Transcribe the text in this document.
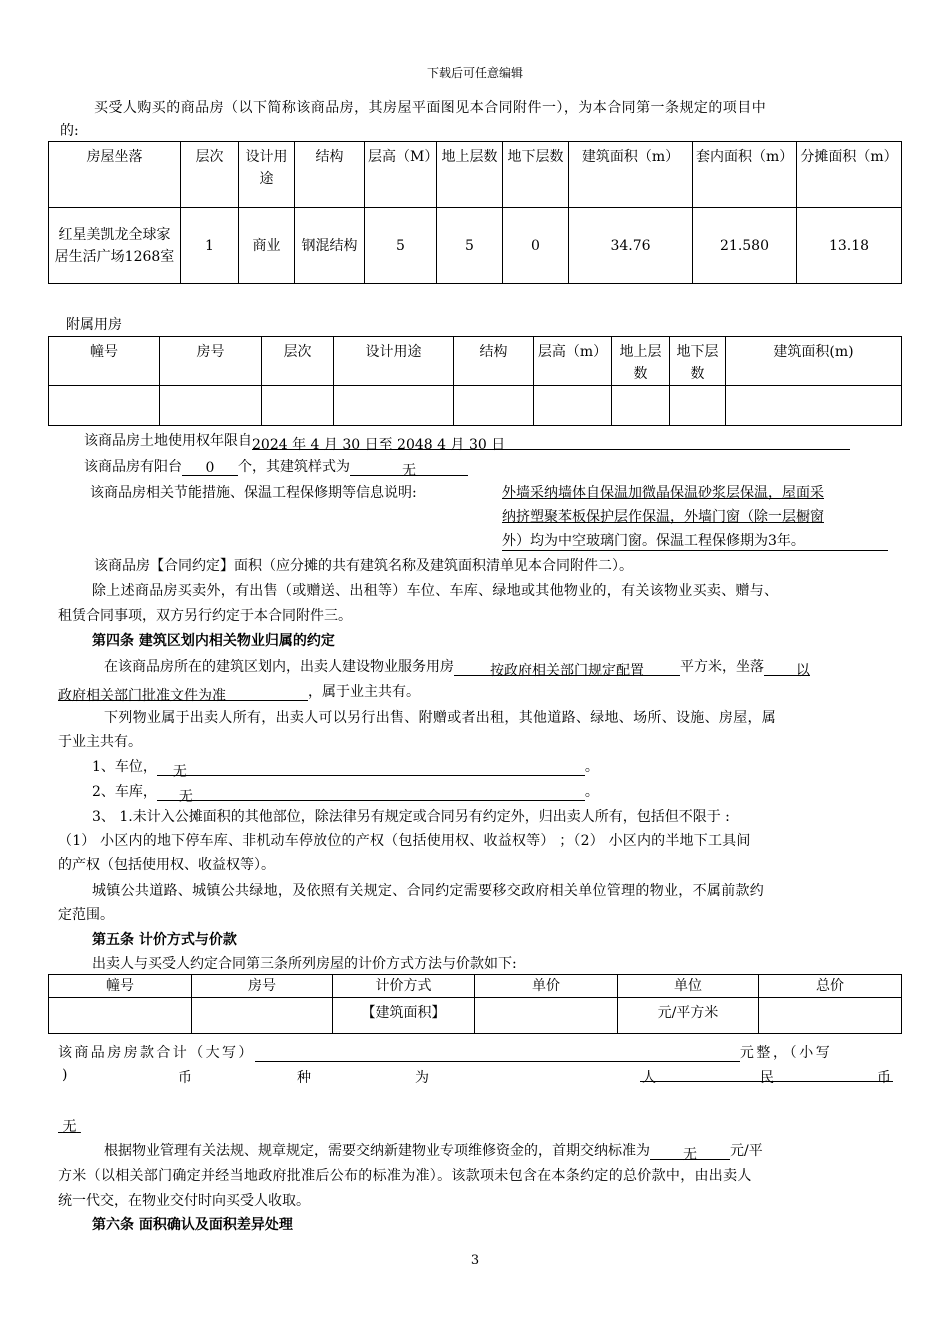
下载后可任意编辑
买受人购买的商品房（以下简称该商品房，其房屋平面图见本合同附件一），为本合同第一条规定的项目中
的:
房屋坐落	层次	设计用途	结构	层高（M）	地上层数	地下层数	建筑面积（m）	套内面积（m）	分摊面积（m）
红星美凯龙全球家居生活广场1268室	1	商业	钢混结构	5	5	0	34.76	21.580	13.18
附属用房
幢号	房号	层次	设计用途	结构	层高（m）	地上层数	地下层数	建筑面积(m)

该商品房土地使用权年限自2024 年 4 月 30 日至 2048 4 月 30 日
该商品房有阳台 0 个，其建筑样式为	无
该商品房相关节能措施、保温工程保修期等信息说明:	外墙采纳墙体自保温加微晶保温砂浆层保温，屋面采
纳挤塑聚苯板保护层作保温，外墙门窗（除一层橱窗
外）均为中空玻璃门窗。保温工程保修期为3年。
该商品房【合同约定】面积（应分摊的共有建筑名称及建筑面积清单见本合同附件二）。
除上述商品房买卖外，有出售（或赠送、出租等）车位、车库、绿地或其他物业的，有关该物业买卖、赠与、
租赁合同事项，双方另行约定于本合同附件三。
第四条 建筑区划内相关物业归属的约定
在该商品房所在的建筑区划内，出卖人建设物业服务用房	按政府相关部门规定配置	平方米，坐落 以
政府相关部门批准文件为准	，属于业主共有。
下列物业属于出卖人所有，出卖人可以另行出售、附赠或者出租，其他道路、绿地、场所、设施、房屋，属
于业主共有。
1、车位， 无	。
2、车库， 无	。
3、 1.未计入公摊面积的其他部位，除法律另有规定或合同另有约定外，归出卖人所有，包括但不限于 :
（1） 小区内的地下停车库、非机动车停放位的产权（包括使用权、收益权等） ；（2） 小区内的半地下工具间
的产权（包括使用权、收益权等）。
城镇公共道路、城镇公共绿地，及依照有关规定、合同约定需要移交政府相关单位管理的物业，不属前款约
定范围。
第五条 计价方式与价款
出卖人与买受人约定合同第三条所列房屋的计价方式方法与价款如下:
幢号	房号	计价方式	单价	单位	总价
		【建筑面积】		元/平方米	
该商品房房款合计（大写）	元整，（小写
)	币	种	为	人	民	币
无
根据物业管理有关法规、规章规定，需要交纳新建物业专项维修资金的，首期交纳标准为 无 元/平
方米（以相关部门确定并经当地政府批准后公布的标准为准）。该款项未包含在本条约定的总价款中，由出卖人
统一代交，在物业交付时向买受人收取。
第六条 面积确认及面积差异处理
3
